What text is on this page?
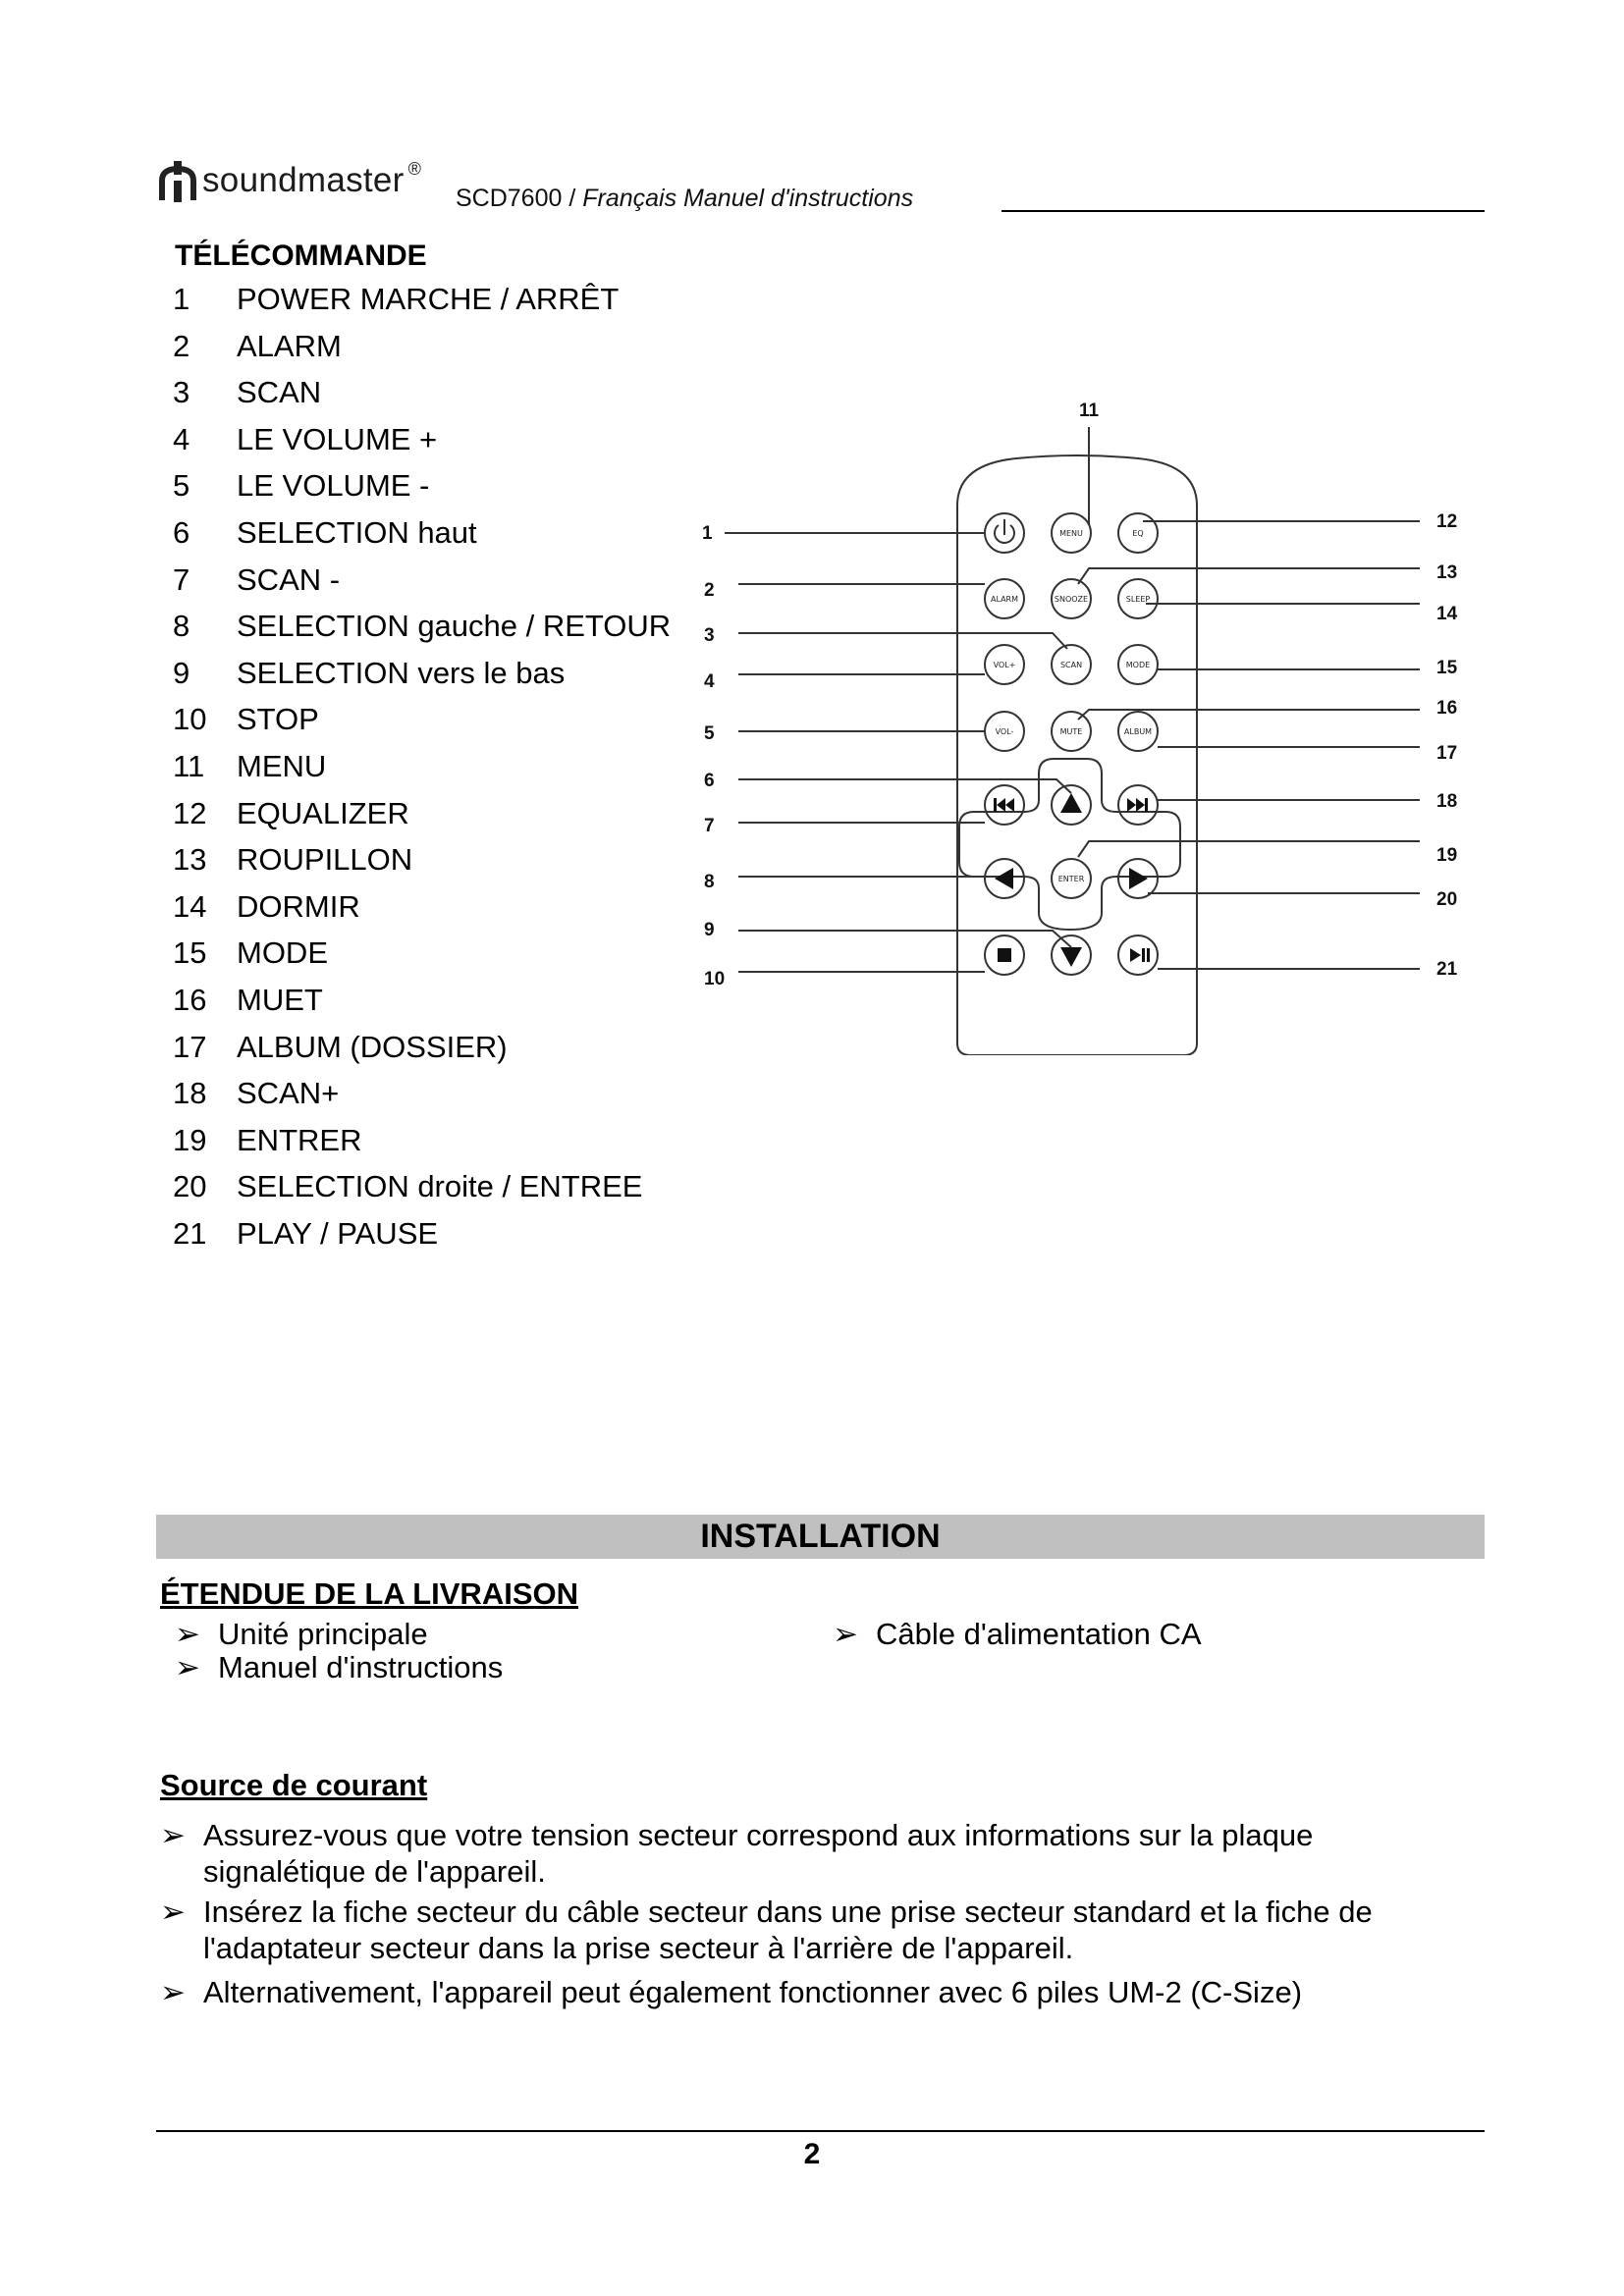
soundmaster ®
SCD7600 / Français Manuel d'instructions
TÉLÉCOMMANDE
1	POWER MARCHE / ARRÊT
2	ALARM
3	SCAN
4	LE VOLUME +
5	LE VOLUME -
6	SELECTION haut
7	SCAN -
8	SELECTION gauche / RETOUR
9	SELECTION vers le bas
10 STOP
11	MENU
12 EQUALIZER
13 ROUPILLON
14 DORMIR
15 MODE
16 MUET
17 ALBUM (DOSSIER)
18 SCAN+
19 ENTRER
20 SELECTION droite / ENTREE
21 PLAY / PAUSE
MENU	EQ
ALARM	SNOOZE	SLEEP
VOL+	SCAN	MODE
VOL-	MUTE	ALBUM
ENTER
1
2
3
4
5
6
7
8
9
10
11
12
13
14
15
16
17
18
19
20
21
INSTALLATION
ÉTENDUE DE LA LIVRAISON
➢ Unité principale
➢ Manuel d'instructions
➢ Câble d'alimentation CA
Source de courant
➢ Assurez-vous que votre tension secteur correspond aux informations sur la plaque signalétique de l'appareil.
➢ Insérez la fiche secteur du câble secteur dans une prise secteur standard et la fiche de l'adaptateur secteur dans la prise secteur à l'arrière de l'appareil.
➢ Alternativement, l'appareil peut également fonctionner avec 6 piles UM-2 (C-Size)
2
